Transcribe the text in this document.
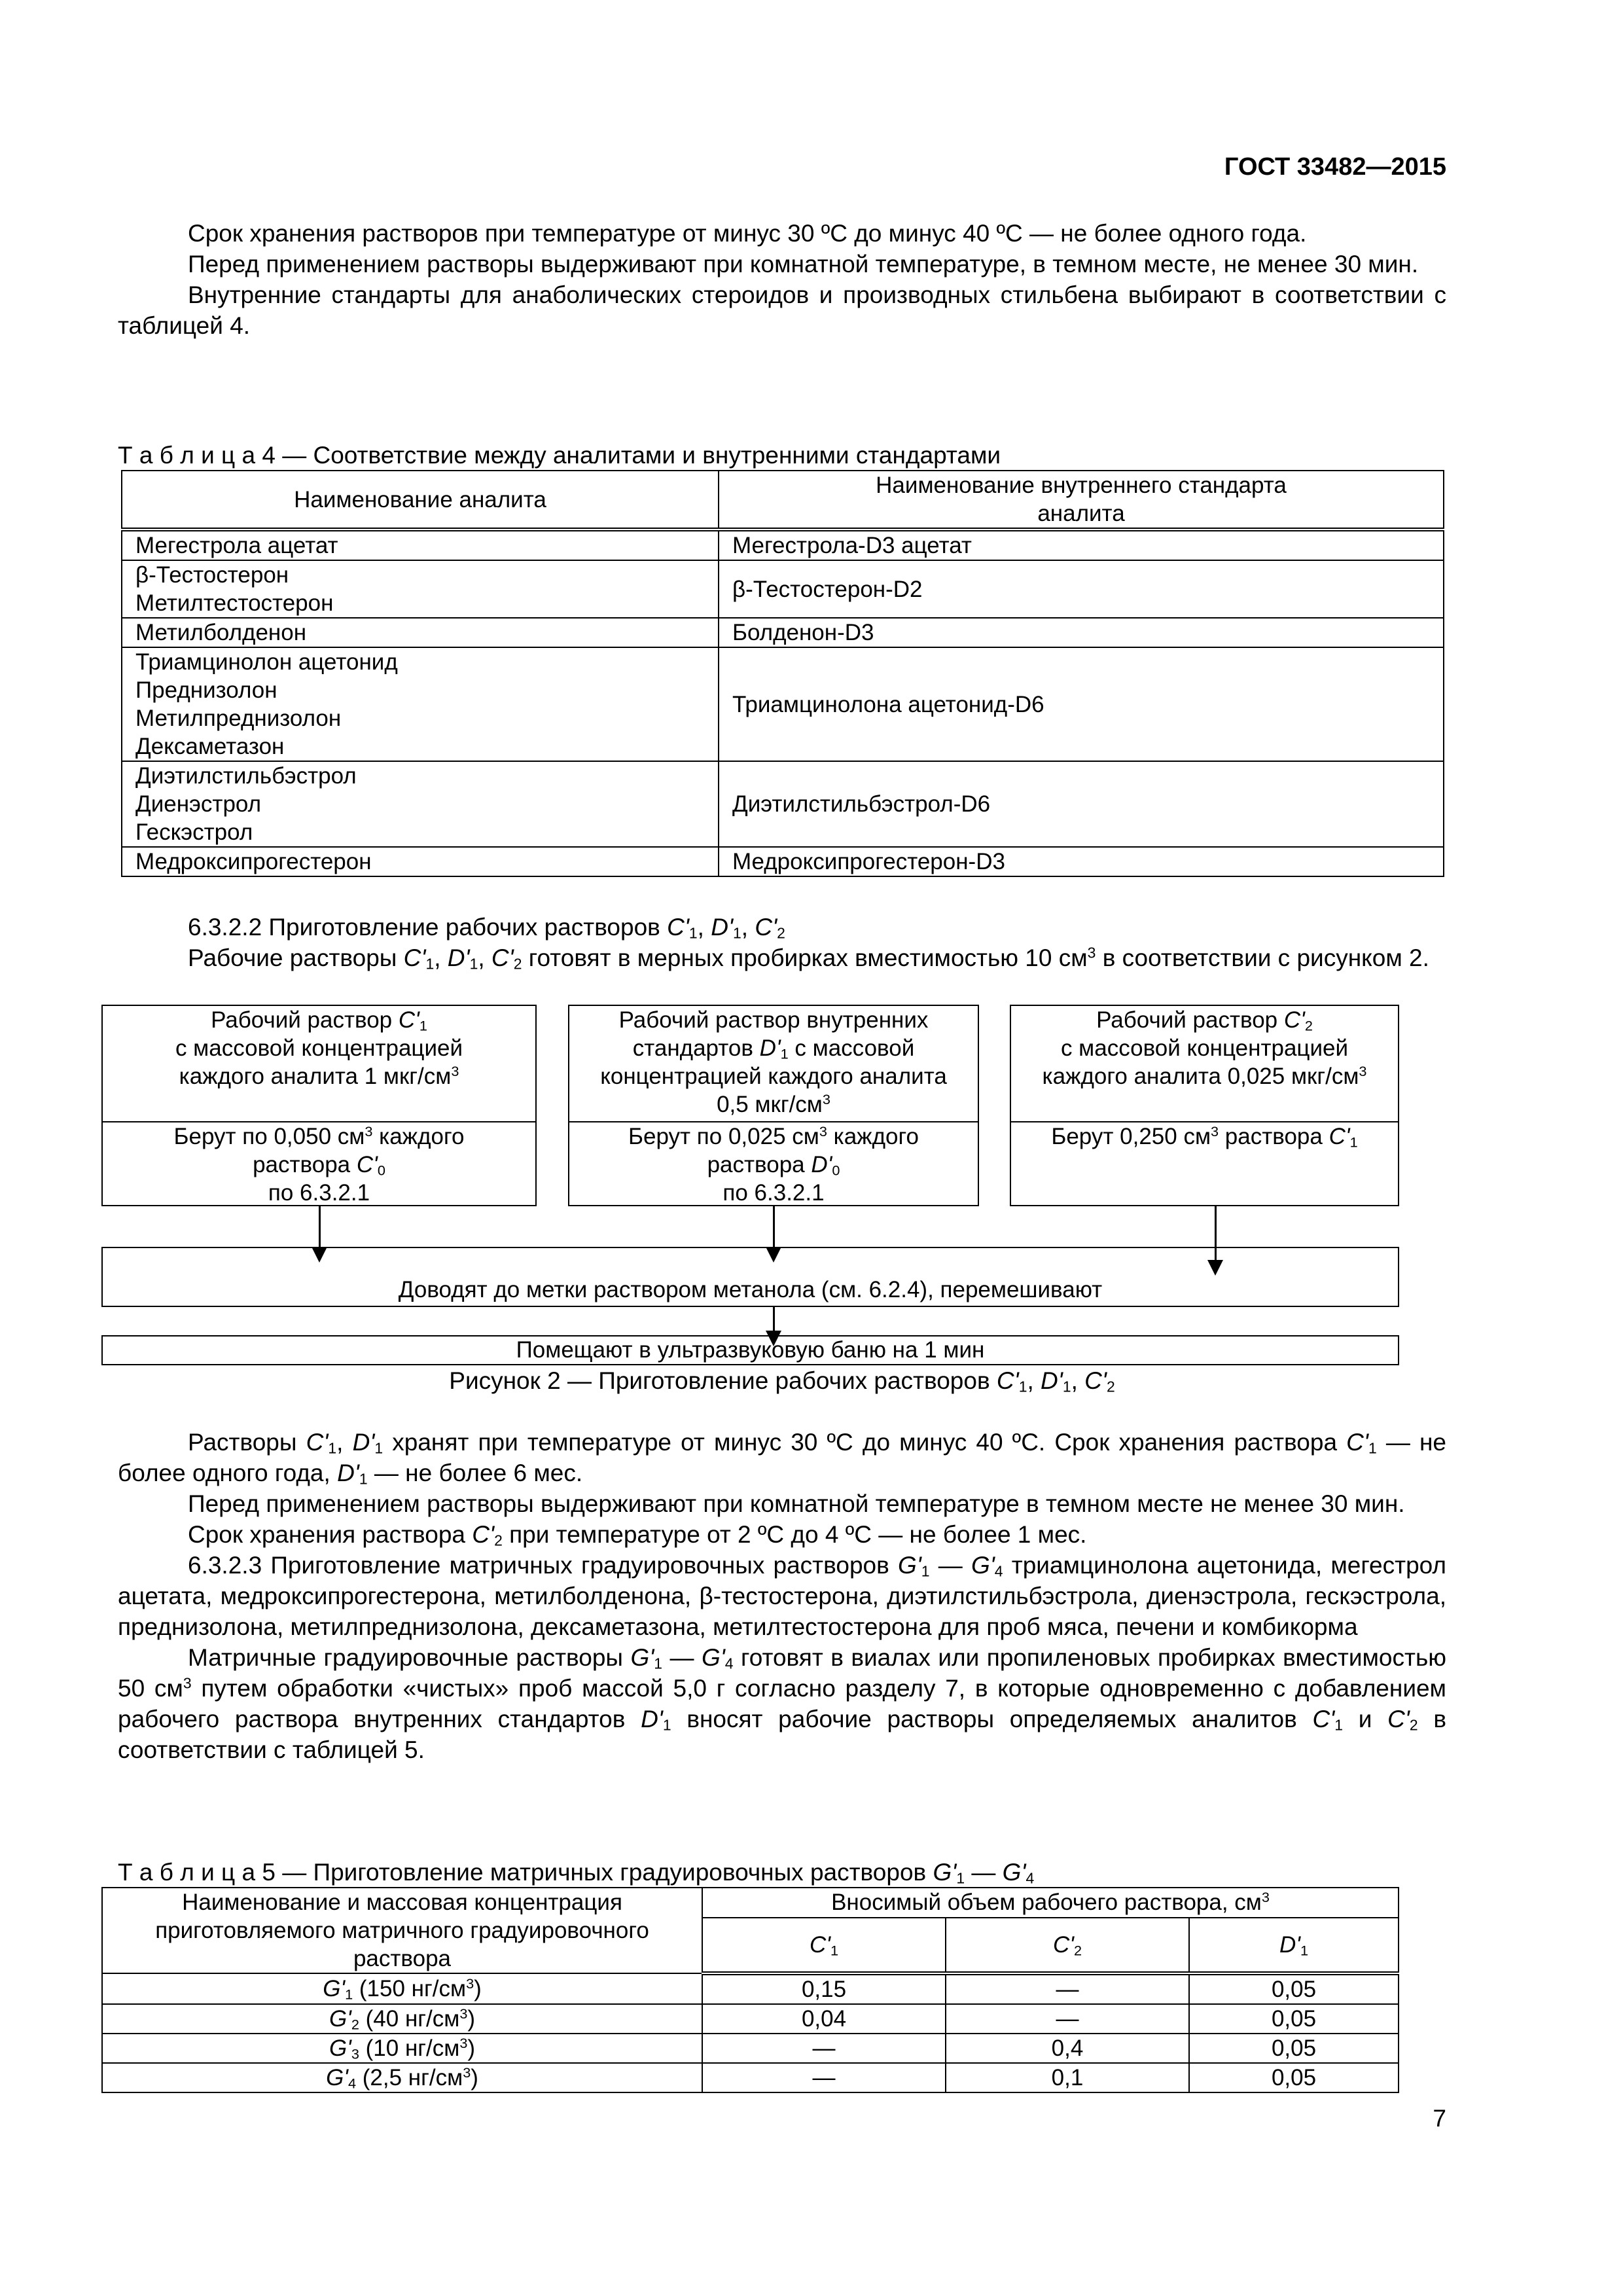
ГОСТ 33482—2015

Срок хранения растворов при температуре от минус 30 ºС до минус 40 ºС — не более одного года.

Перед применением растворы выдерживают при комнатной температуре, в темном месте, не менее 30 мин.

Внутренние стандарты для анаболических стероидов и производных стильбена выбирают в соответствии с таблицей 4.

Т а б л и ц а 4 — Соответствие между аналитами и внутренними стандартами
Наименование аналита	Наименование внутреннего стандарта
аналита
Мегестрола ацетат	Мегестрола-D3 ацетат
β-Тестостерон
Метилтестостерон	β-Тестостерон-D2
Метилболденон	Болденон-D3
Триамцинолон ацетонид
Преднизолон
Метилпреднизолон
Дексаметазон	Триамцинолона ацетонид-D6
Диэтилстильбэстрол
Диенэстрол
Гескэстрол	Диэтилстильбэстрол-D6
Медроксипрогестерон	Медроксипрогестерон-D3

6.3.2.2 Приготовление рабочих растворов $C'_1$, $D'_1$, $C'_2$

Рабочие растворы $C'_1$, $D'_1$, $C'_2$ готовят в мерных пробирках вместимостью 10 $см^3$ в соответствии с рисунком 2.

Рабочий раствор $C'_1$
с массовой концентрацией
каждого аналита 1 мкг/$см^3$
Берут по 0,050 $см^3$ каждого
раствора $C'_0$
по 6.3.2.1
Рабочий раствор внутренних
стандартов $D'_1$ с массовой
концентрацией каждого аналита
0,5 мкг/$см^3$
Берут по 0,025 $см^3$ каждого
раствора $D'_0$
по 6.3.2.1
Рабочий раствор $C'_2$
с массовой концентрацией
каждого аналита 0,025 мкг/$см^3$
Берут 0,250 $см^3$ раствора $C'_1$
Доводят до метки раствором метанола (см. 6.2.4), перемешивают
Помещают в ультразвуковую баню на 1 мин
Рисунок 2 — Приготовление рабочих растворов $C'_1$, $D'_1$, $C'_2$

Растворы $C'_1$, $D'_1$ хранят при температуре от минус 30 ºС до минус 40 ºС. Срок хранения раствора $C'_1$ — не более одного года, $D'_1$ — не более 6 мес.

Перед применением растворы выдерживают при комнатной температуре в темном месте не менее 30 мин.

Срок хранения раствора $C'_2$ при температуре от 2 ºС до 4 ºС — не более 1 мес.

6.3.2.3 Приготовление матричных градуировочных растворов $G'_1$ — $G'_4$ триамцинолона ацетонида, мегестрол ацетата, медроксипрогестерона, метилболденона, β-тестостерона, диэтилстильбэстрола, диенэстрола, гескэстрола, преднизолона, метилпреднизолона, дексаметазона, метилтестостерона для проб мяса, печени и комбикорма

Матричные градуировочные растворы $G'_1$ — $G'_4$ готовят в виалах или пропиленовых пробирках вместимостью 50 $см^3$ путем обработки «чистых» проб массой 5,0 г согласно разделу 7, в которые одновременно с добавлением рабочего раствора внутренних стандартов $D'_1$ вносят рабочие растворы определяемых аналитов $C'_1$ и $C'_2$ в соответствии с таблицей 5.

Т а б л и ц а 5 — Приготовление матричных градуировочных растворов $G'_1$ — $G'_4$
Наименование и массовая концентрация приготовляемого матричного градуировочного раствора	Вносимый объем рабочего раствора, $см^3$
	$C'_1$	$C'_2$	$D'_1$
$G'_1$ (150 $нг/см^3$)	0,15	—	0,05
$G'_2$ (40 $нг/см^3$)	0,04	—	0,05
$G'_3$ (10 $нг/см^3$)	—	0,4	0,05
$G'_4$ (2,5 $нг/см^3$)	—	0,1	0,05
7
